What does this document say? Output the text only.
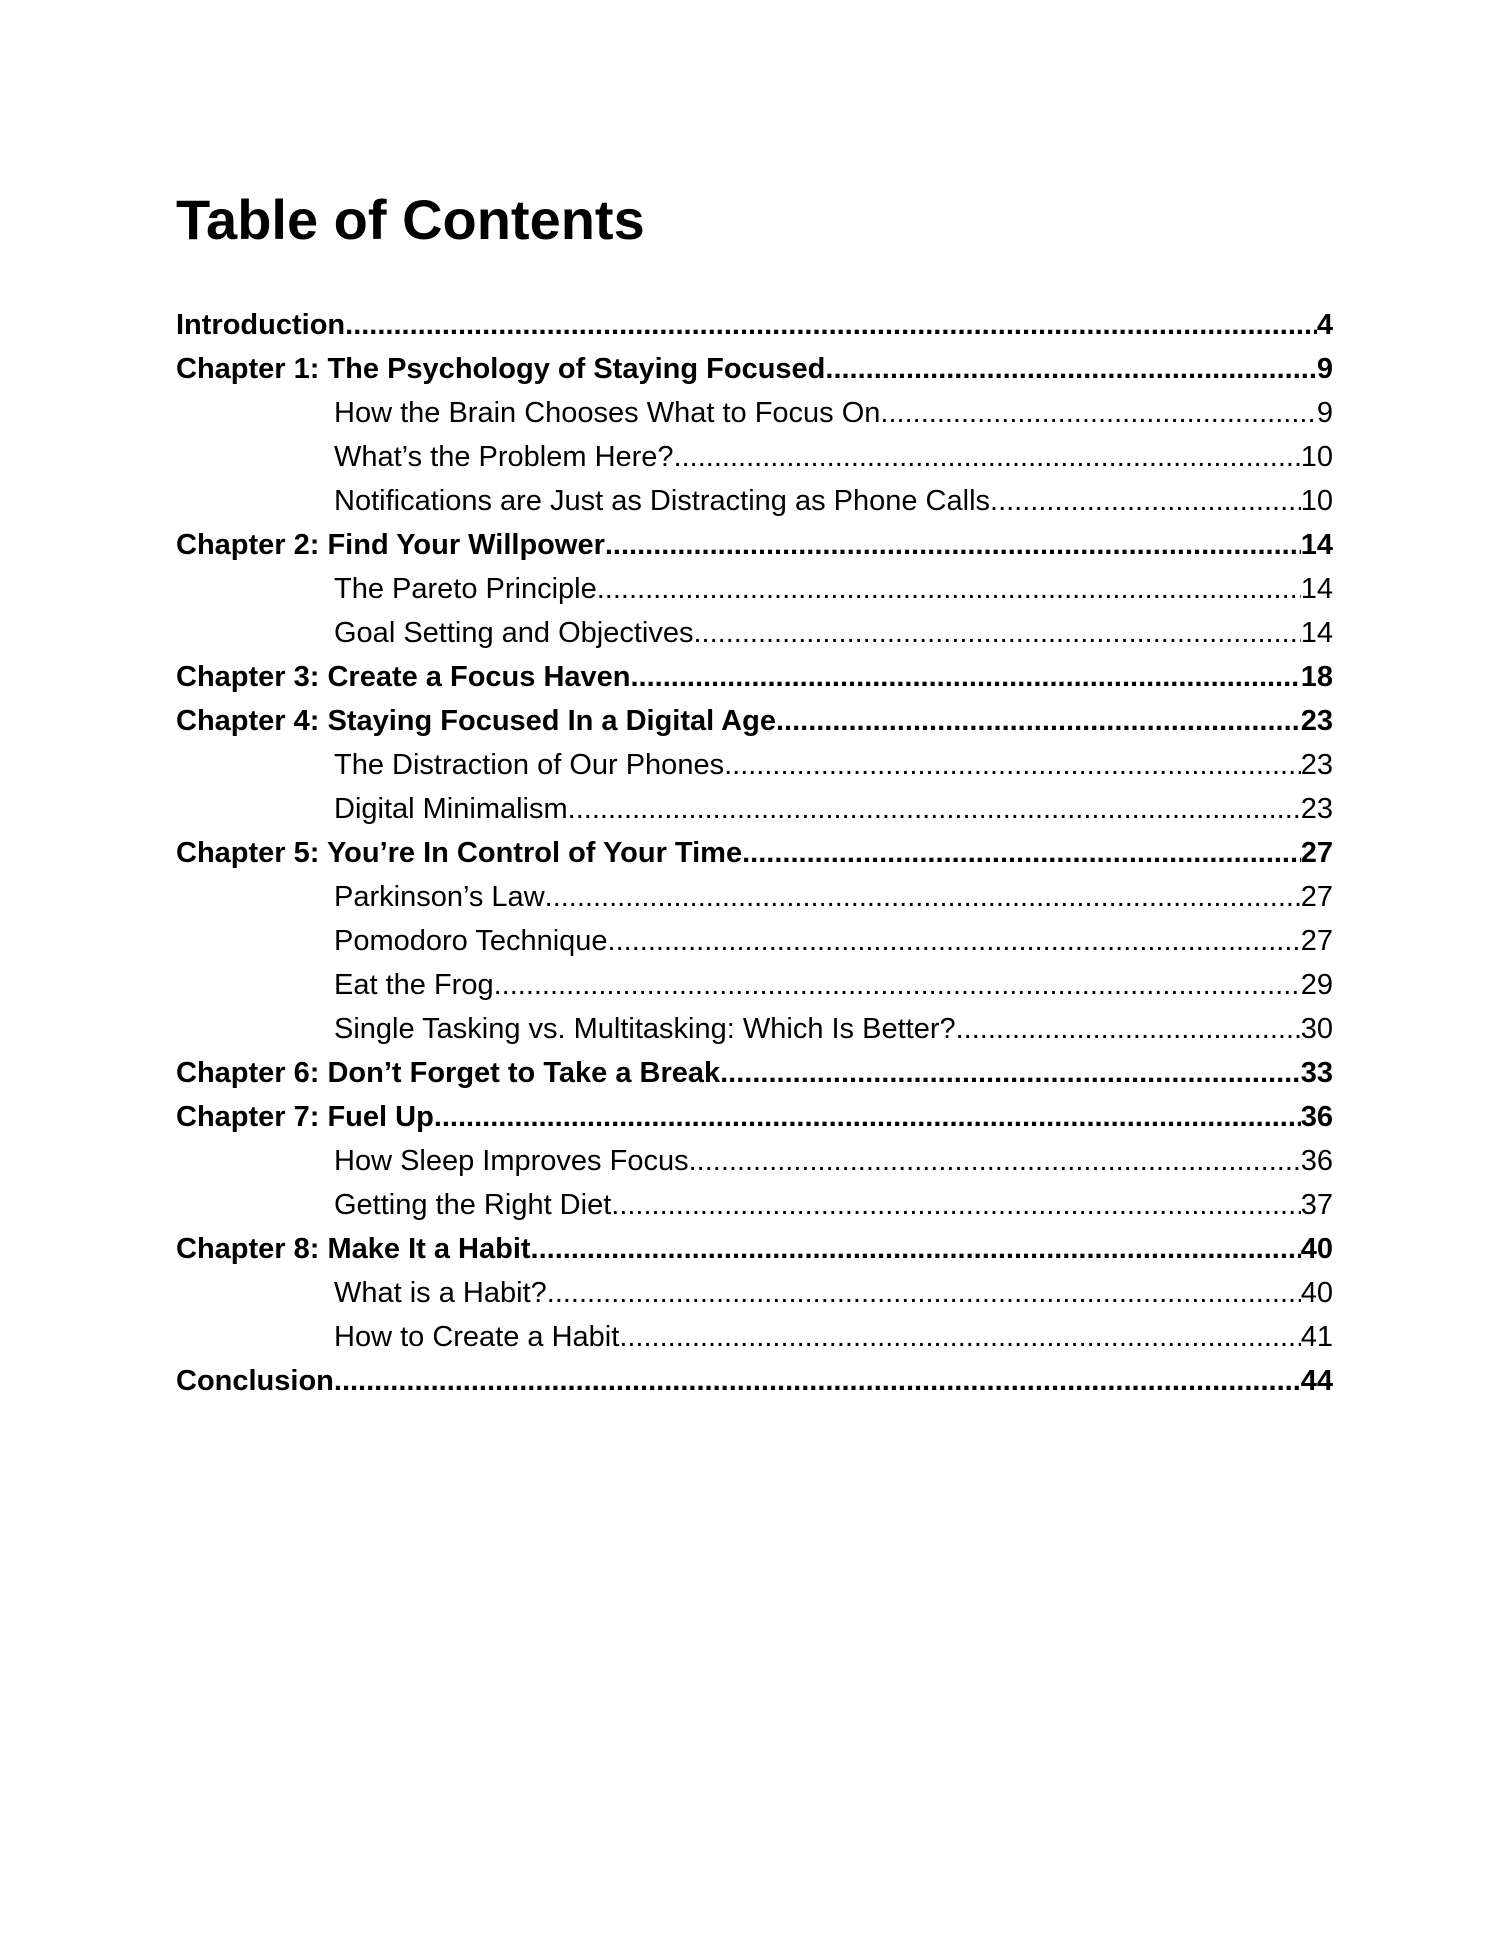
Table of Contents
Introduction .....	4
Chapter 1: The Psychology of Staying Focused .....	9
How the Brain Chooses What to Focus On .....	9
What’s the Problem Here? .....	10
Notifications are Just as Distracting as Phone Calls .....	10
Chapter 2: Find Your Willpower .....	14
The Pareto Principle .....	14
Goal Setting and Objectives .....	14
Chapter 3: Create a Focus Haven .....	18
Chapter 4: Staying Focused In a Digital Age .....	23
The Distraction of Our Phones .....	23
Digital Minimalism .....	23
Chapter 5: You’re In Control of Your Time .....	27
Parkinson’s Law .....	27
Pomodoro Technique .....	27
Eat the Frog .....	29
Single Tasking vs. Multitasking: Which Is Better? .....	30
Chapter 6: Don’t Forget to Take a Break .....	33
Chapter 7: Fuel Up .....	36
How Sleep Improves Focus .....	36
Getting the Right Diet .....	37
Chapter 8: Make It a Habit .....	40
What is a Habit? .....	40
How to Create a Habit .....	41
Conclusion .....	44
